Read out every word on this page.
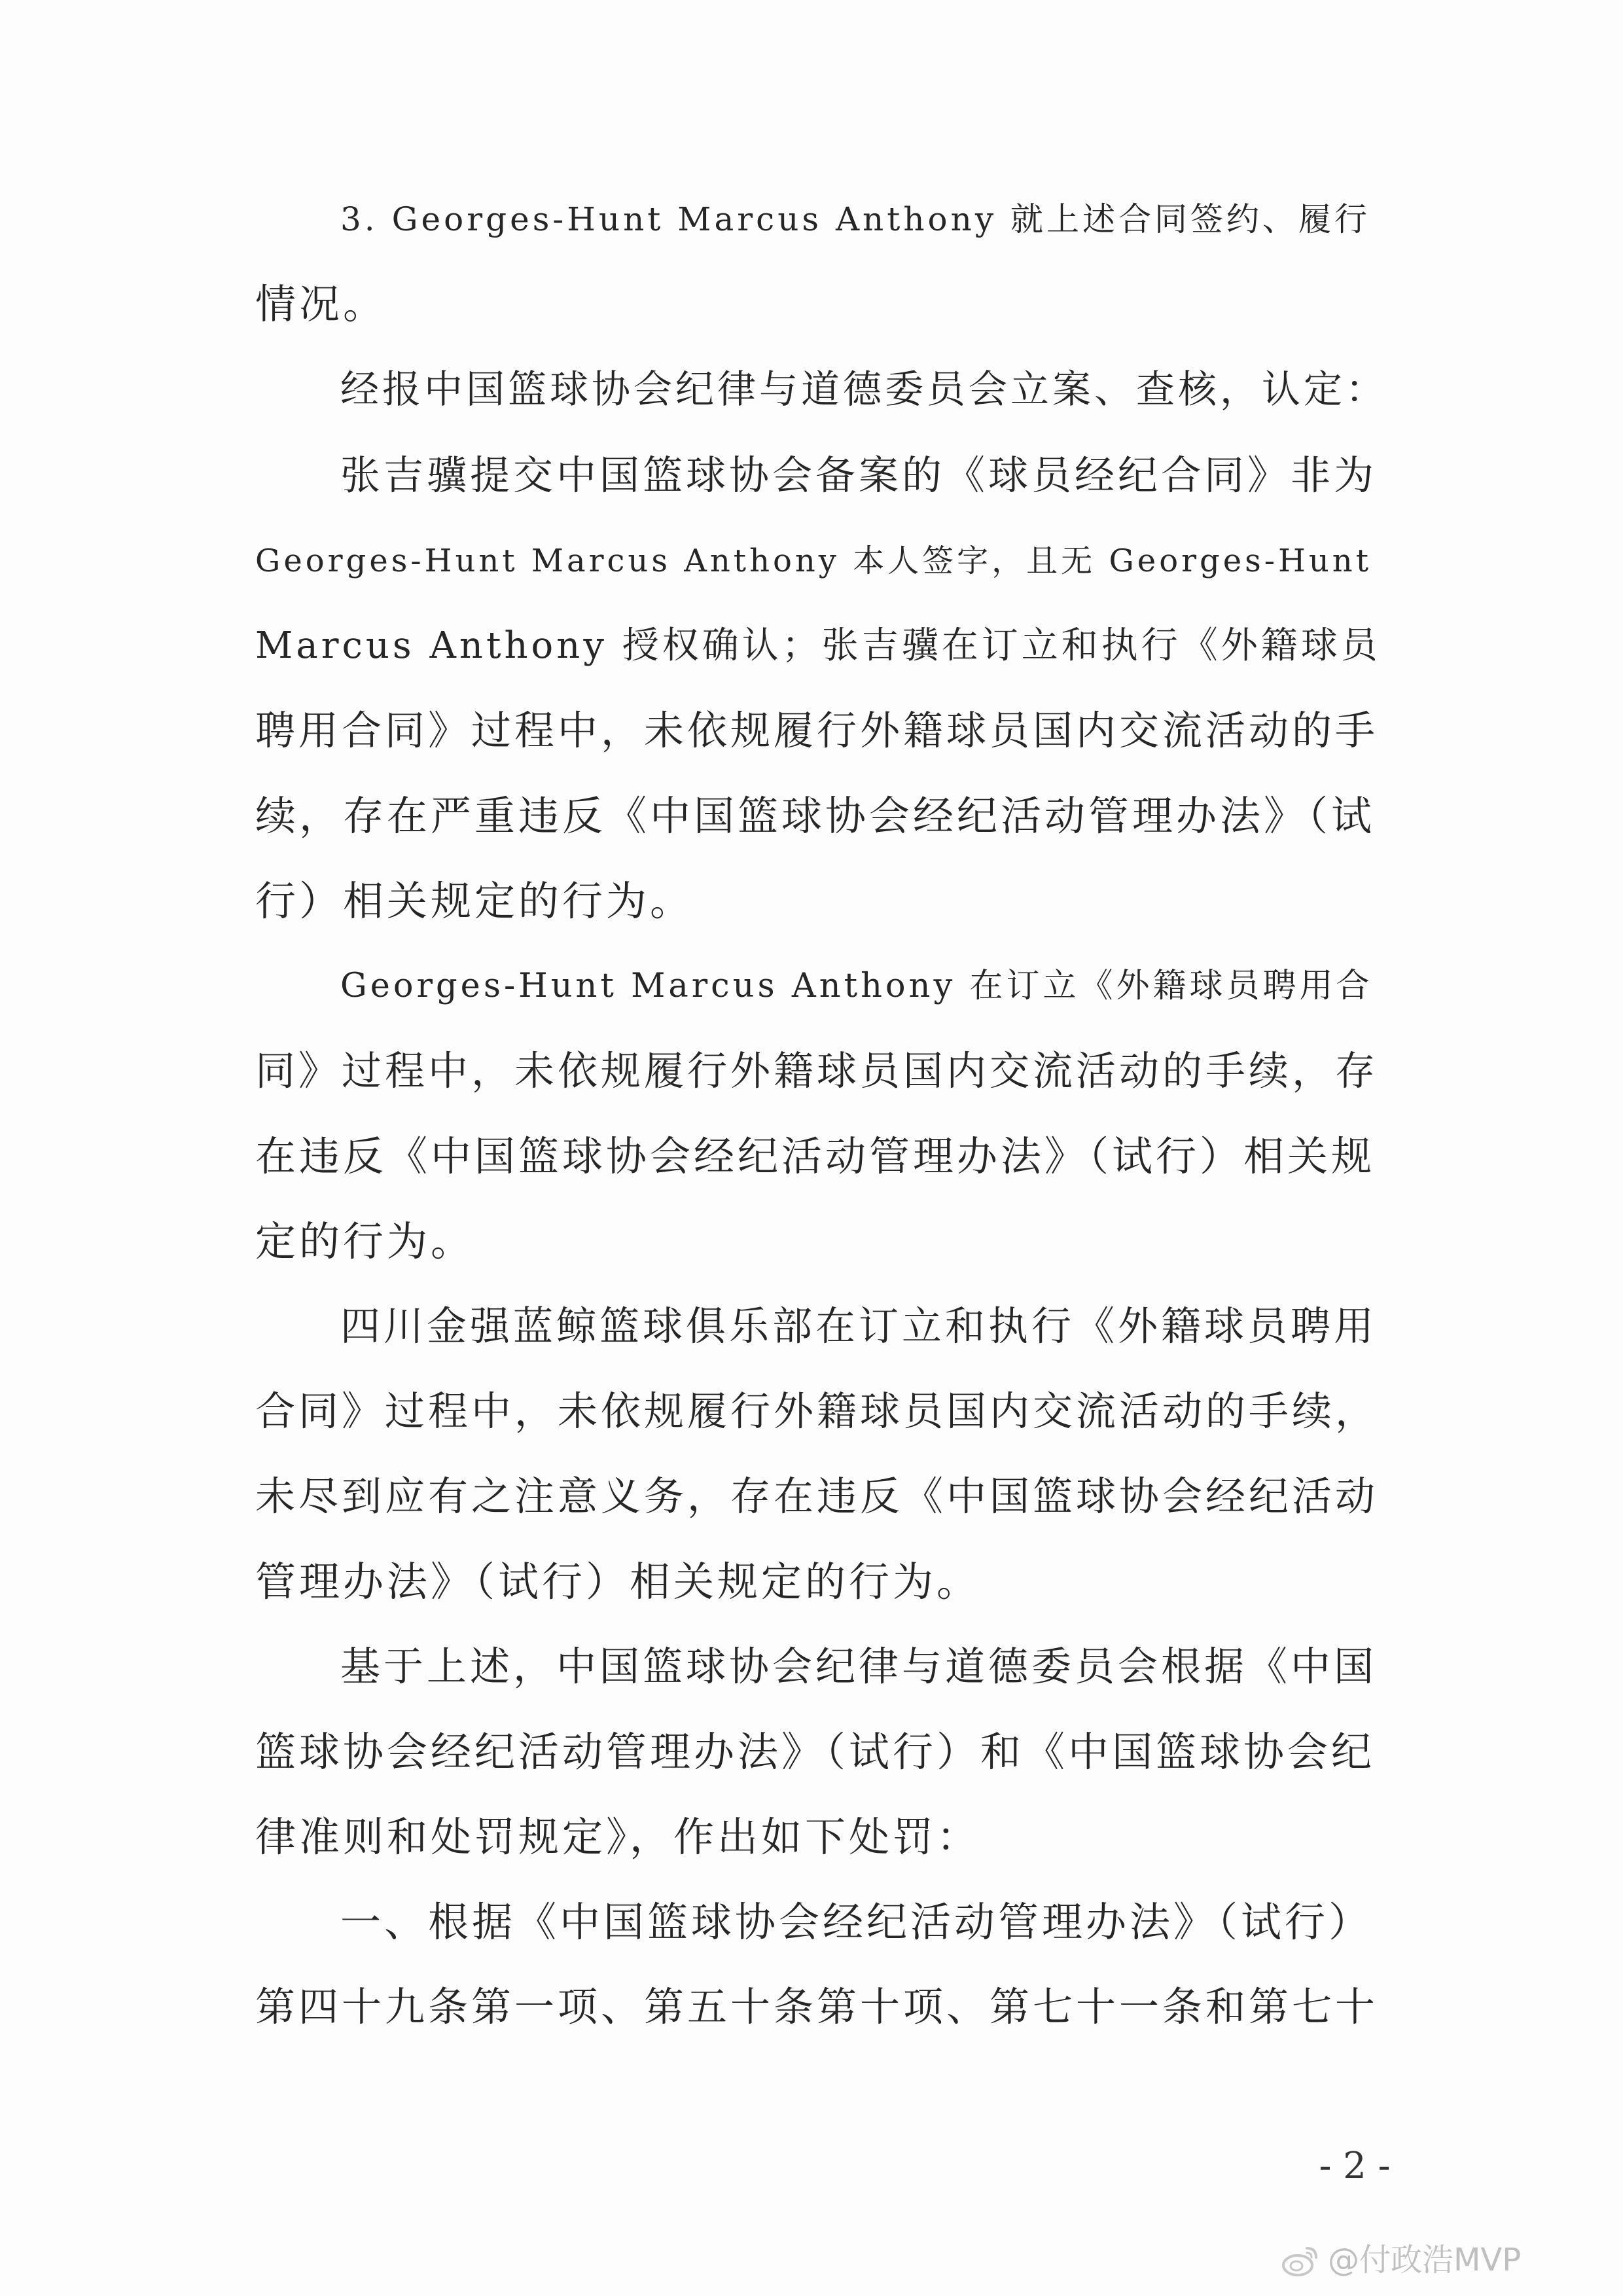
3. Georges-Hunt Marcus Anthony 就上述合同签约、履行
情况。
经报中国篮球协会纪律与道德委员会立案、查核，认定：
张吉骥提交中国篮球协会备案的《球员经纪合同》非为
Georges-Hunt Marcus Anthony 本人签字，且无 Georges-Hunt
Marcus Anthony 授权确认；张吉骥在订立和执行《外籍球员
聘用合同》过程中，未依规履行外籍球员国内交流活动的手
续，存在严重违反《中国篮球协会经纪活动管理办法》（试
行）相关规定的行为。
Georges-Hunt Marcus Anthony 在订立《外籍球员聘用合
同》过程中，未依规履行外籍球员国内交流活动的手续，存
在违反《中国篮球协会经纪活动管理办法》（试行）相关规
定的行为。
四川金强蓝鲸篮球俱乐部在订立和执行《外籍球员聘用
合同》过程中，未依规履行外籍球员国内交流活动的手续，
未尽到应有之注意义务，存在违反《中国篮球协会经纪活动
管理办法》（试行）相关规定的行为。
基于上述，中国篮球协会纪律与道德委员会根据《中国
篮球协会经纪活动管理办法》（试行）和《中国篮球协会纪
律准则和处罚规定》，作出如下处罚：
一、根据《中国篮球协会经纪活动管理办法》（试行）
第四十九条第一项、第五十条第十项、第七十一条和第七十
- 2 -
@付政浩MVP
